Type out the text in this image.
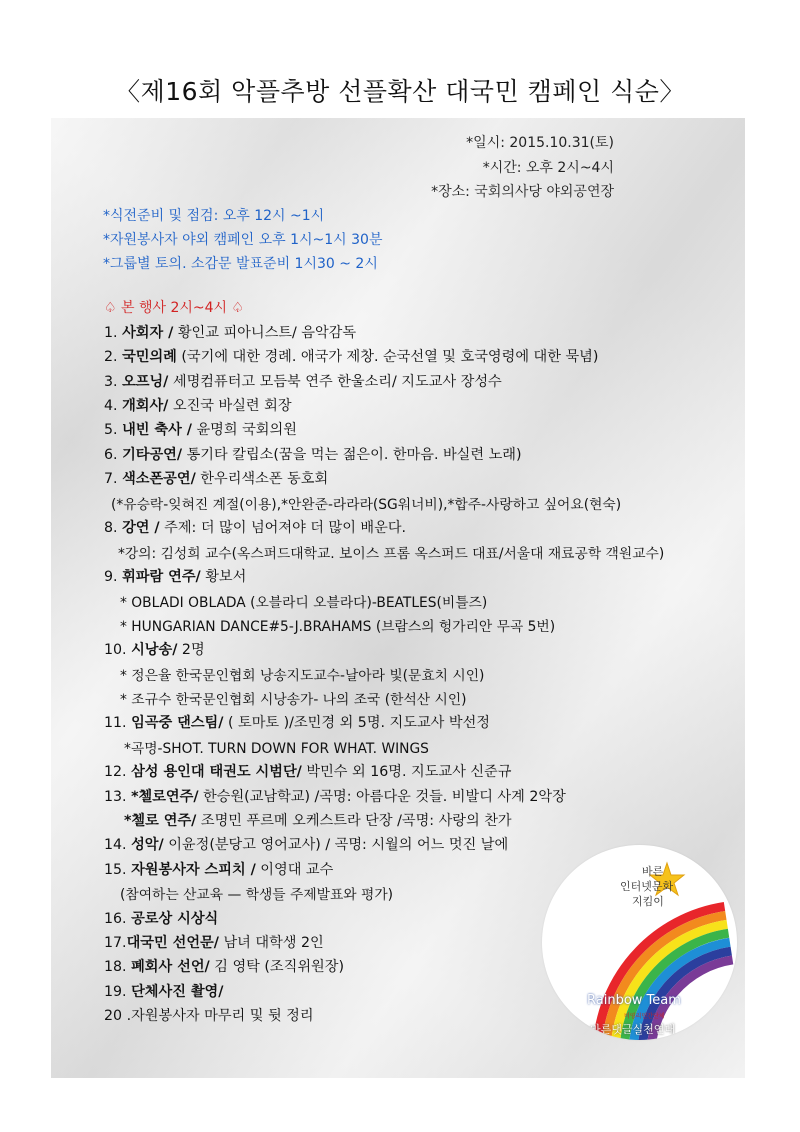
〈제16회 악플추방 선플확산 대국민 캠페인 식순〉
*일시: 2015.10.31(토)
*시간: 오후 2시~4시
*장소: 국회의사당 야외공연장
*식전준비 및 점검: 오후 12시 ~1시
*자원봉사자 야외 캠페인 오후 1시~1시 30분
*그룹별 토의. 소감문 발표준비 1시30 ~ 2시
♤ 본 행사 2시~4시 ♤
1. 사회자 / 황인교 피아니스트/ 음악감독
2. 국민의례 (국기에 대한 경례. 애국가 제창. 순국선열 및 호국영령에 대한 묵념)
3. 오프닝/ 세명컴퓨터고 모듬북 연주 한울소리/ 지도교사 장성수
4. 개회사/ 오진국 바실련 회장
5. 내빈 축사 / 윤명희 국회의원
6. 기타공연/ 통기타 칼립소(꿈을 먹는 젊은이. 한마음. 바실련 노래)
7. 색소폰공연/ 한우리색소폰 동호회
(*유승락-잊혀진 계절(이용),*안완준-라라라(SG워너비),*합주-사랑하고 싶어요(현숙)
8. 강연 / 주제: 더 많이 넘어져야 더 많이 배운다.
*강의: 김성희 교수(옥스퍼드대학교. 보이스 프롬 옥스퍼드 대표/서울대 재료공학 객원교수)
9. 휘파람 연주/ 황보서
* OBLADI OBLADA (오블라디 오블라다)-BEATLES(비틀즈)
* HUNGARIAN DANCE#5-J.BRAHAMS (브람스의 헝가리안 무곡 5번)
10. 시낭송/ 2명
* 정은율 한국문인협회 낭송지도교수-날아라 빛(문효치 시인)
* 조규수 한국문인협회 시낭송가- 나의 조국 (한석산 시인)
11. 임곡중 댄스팀/ ( 토마토 )/조민경 외 5명. 지도교사 박선정
*곡명-SHOT. TURN DOWN FOR WHAT. WINGS
12. 삼성 용인대 태권도 시범단/ 박민수 외 16명. 지도교사 신준규
13. *첼로연주/ 한승원(교남학교) /곡명: 아름다운 것들. 비발디 사계 2악장
*첼로 연주/ 조명민 푸르메 오케스트라 단장 /곡명: 사랑의 찬가
14. 성악/ 이윤정(분당고 영어교사) / 곡명: 시월의 어느 멋진 날에
15. 자원봉사자 스피치 / 이영대 교수
(참여하는 산교육 — 학생들 주제발표와 평가)
16. 공로상 시상식
17.대국민 선언문/ 남녀 대학생 2인
18. 폐회사 선언/ 김 영탁 (조직위원장)
19. 단체사진 촬영/
20 .자원봉사자 마무리 및 뒷 정리
바른
인터넷문화
지킴이
Rainbow Team
비영리민간단체
바른댓글실천연대
